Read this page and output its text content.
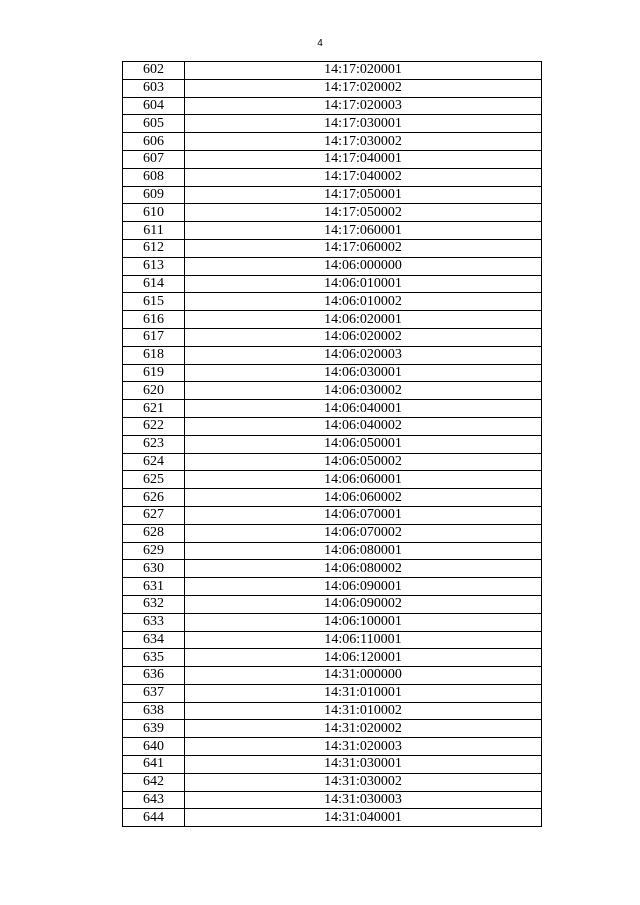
4
602	14:17:020001
603	14:17:020002
604	14:17:020003
605	14:17:030001
606	14:17:030002
607	14:17:040001
608	14:17:040002
609	14:17:050001
610	14:17:050002
611	14:17:060001
612	14:17:060002
613	14:06:000000
614	14:06:010001
615	14:06:010002
616	14:06:020001
617	14:06:020002
618	14:06:020003
619	14:06:030001
620	14:06:030002
621	14:06:040001
622	14:06:040002
623	14:06:050001
624	14:06:050002
625	14:06:060001
626	14:06:060002
627	14:06:070001
628	14:06:070002
629	14:06:080001
630	14:06:080002
631	14:06:090001
632	14:06:090002
633	14:06:100001
634	14:06:110001
635	14:06:120001
636	14:31:000000
637	14:31:010001
638	14:31:010002
639	14:31:020002
640	14:31:020003
641	14:31:030001
642	14:31:030002
643	14:31:030003
644	14:31:040001
